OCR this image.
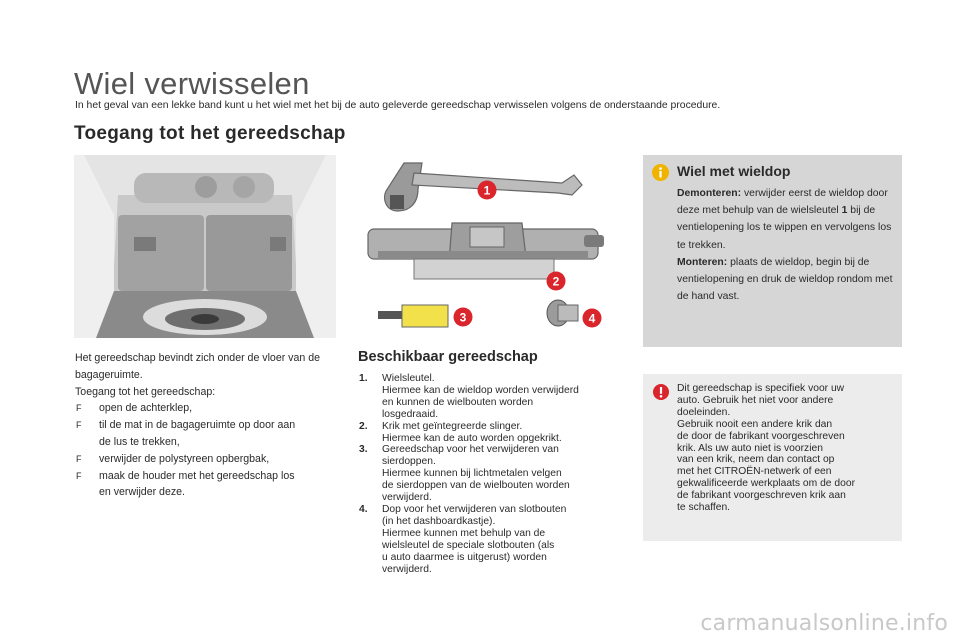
Wiel verwisselen

In het geval van een lekke band kunt u het wiel met het bij de auto geleverde gereedschap verwisselen volgens de onderstaande procedure.

Toegang tot het gereedschap
1
2
3	4

Het gereedschap bevindt zich onder de vloer van de bagageruimte.

Toegang tot het gereedschap:

F open de achterklep,
F til de mat in de bagageruimte op door aan
de lus te trekken,
F verwijder de polystyreen opbergbak,
F maak de houder met het gereedschap los
en verwijder deze.
Beschikbaar gereedschap
1. Wielsleutel.
Hiermee kan de wieldop worden verwijderd
en kunnen de wielbouten worden
losgedraaid.
2. Krik met geïntegreerde slinger.
Hiermee kan de auto worden opgekrikt.
3. Gereedschap voor het verwijderen van
sierdoppen.
Hiermee kunnen bij lichtmetalen velgen
de sierdoppen van de wielbouten worden
verwijderd.
4. Dop voor het verwijderen van slotbouten
(in het dashboardkastje).
Hiermee kunnen met behulp van de
wielsleutel de speciale slotbouten (als
u auto daarmee is uitgerust) worden
verwijderd.
Wiel met wieldop

Demonteren: verwijder eerst de wieldop door deze met behulp van de wielsleutel 1 bij de ventielopening los te wippen en vervolgens los te trekken.

Monteren: plaats de wieldop, begin bij de ventielopening en druk de wieldop rondom met de hand vast.

Dit gereedschap is specifiek voor uw
auto. Gebruik het niet voor andere
doeleinden.
Gebruik nooit een andere krik dan
de door de fabrikant voorgeschreven
krik. Als uw auto niet is voorzien
van een krik, neem dan contact op
met het CITROËN-netwerk of een
gekwalificeerde werkplaats om de door
de fabrikant voorgeschreven krik aan
te schaffen.
carmanualsonline.info
